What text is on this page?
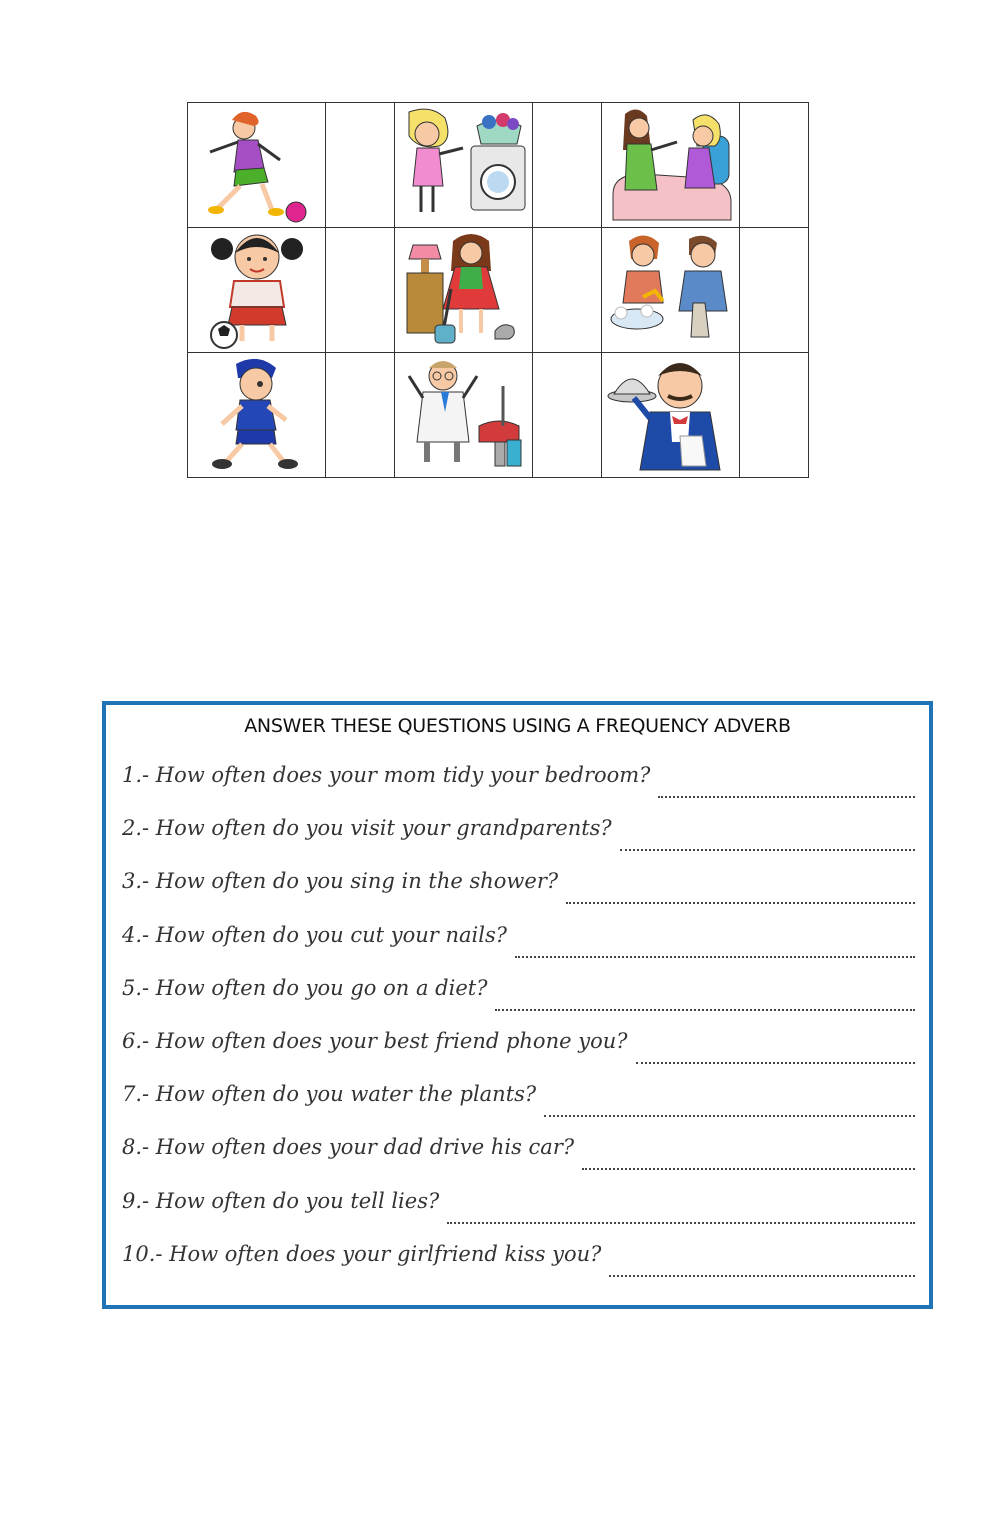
ANSWER THESE QUESTIONS USING A FREQUENCY ADVERB
1.- How often does your mom tidy your bedroom?
2.- How often do you visit your grandparents?
3.- How often do you sing in the shower?
4.- How often do you cut your nails?
5.- How often do you go on a diet?
6.- How often does your best friend phone you?
7.- How often do you water the plants?
8.- How often does your dad drive his car?
9.- How often do you tell lies?
10.- How often does your girlfriend kiss you?
